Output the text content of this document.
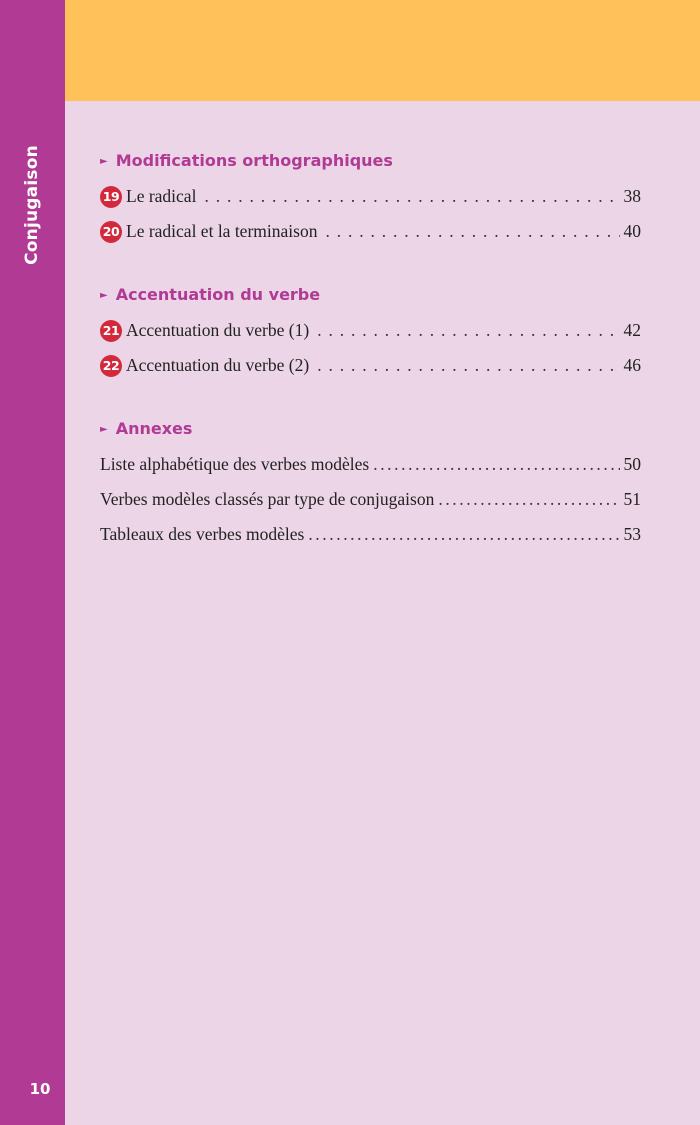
Conjugaison
10
► Modifications orthographiques
19 Le radical . . .	38
20 Le radical et la terminaison . . .	40
► Accentuation du verbe
21 Accentuation du verbe (1) . . .	42
22 Accentuation du verbe (2) . . .	46
► Annexes
Liste alphabétique des verbes modèles .....	50
Verbes modèles classés par type de conjugaison .....	51
Tableaux des verbes modèles .....	53
